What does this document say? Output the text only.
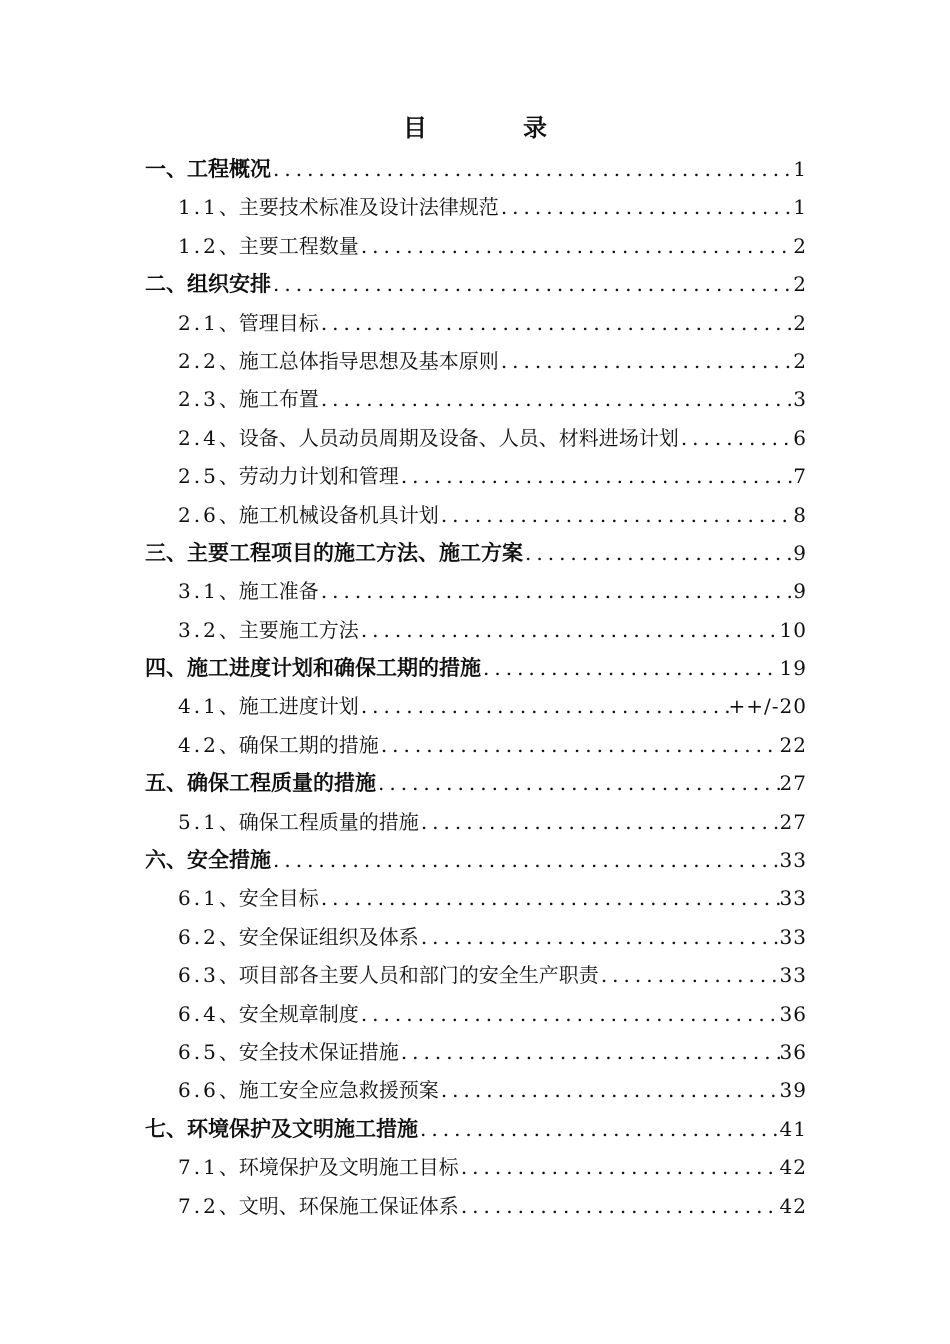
目　录
一、工程概况 .....	1
1.1、主要技术标准及设计法律规范 .....	1
1.2、主要工程数量 .....	2
二、组织安排 .....	2
2.1、管理目标 .....	2
2.2、施工总体指导思想及基本原则 .....	2
2.3、施工布置 .....	3
2.4、设备、人员动员周期及设备、人员、材料进场计划 .....	6
2.5、劳动力计划和管理 .....	7
2.6、施工机械设备机具计划 .....	8
三、主要工程项目的施工方法、施工方案 .....	9
3.1、施工准备 .....	9
3.2、主要施工方法 .....	10
四、施工进度计划和确保工期的措施 .....	19
4.1、施工进度计划 .....	++/-20
4.2、确保工期的措施 .....	22
五、确保工程质量的措施 .....	27
5.1、确保工程质量的措施 .....	27
六、安全措施 .....	33
6.1、安全目标 .....	33
6.2、安全保证组织及体系 .....	33
6.3、项目部各主要人员和部门的安全生产职责 .....	33
6.4、安全规章制度 .....	36
6.5、安全技术保证措施 .....	36
6.6、施工安全应急救援预案 .....	39
七、环境保护及文明施工措施 .....	41
7.1、环境保护及文明施工目标 .....	42
7.2、文明、环保施工保证体系 .....	42
